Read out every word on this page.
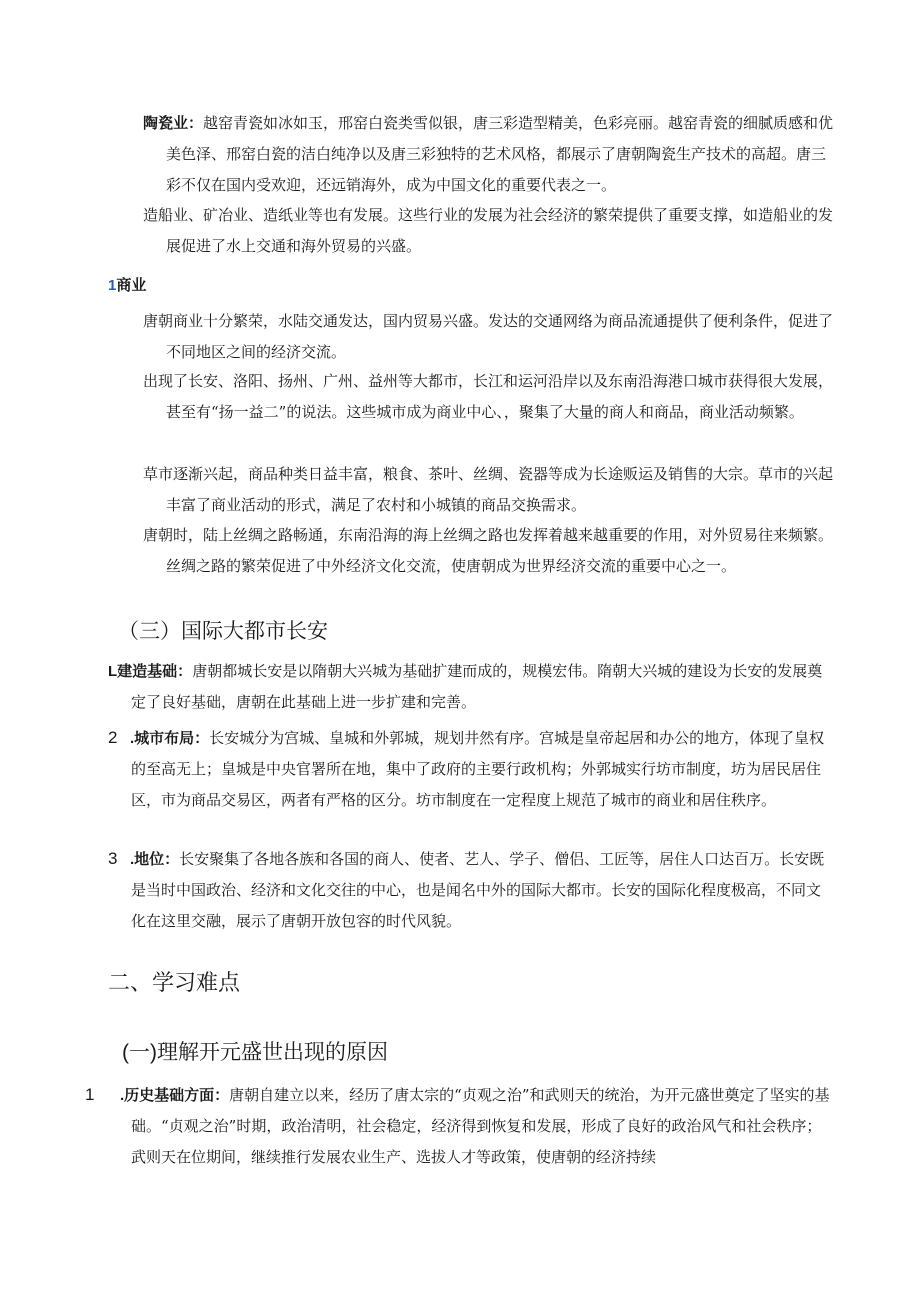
陶瓷业：越窑青瓷如冰如玉，邢窑白瓷类雪似银，唐三彩造型精美，色彩亮丽。越窑青瓷的细腻质感和优美色泽、邢窑白瓷的洁白纯净以及唐三彩独特的艺术风格，都展示了唐朝陶瓷生产技术的高超。唐三彩不仅在国内受欢迎，还远销海外，成为中国文化的重要代表之一。
造船业、矿冶业、造纸业等也有发展。这些行业的发展为社会经济的繁荣提供了重要支撑，如造船业的发展促进了水上交通和海外贸易的兴盛。
1商业
唐朝商业十分繁荣，水陆交通发达，国内贸易兴盛。发达的交通网络为商品流通提供了便利条件，促进了不同地区之间的经济交流。
出现了长安、洛阳、扬州、广州、益州等大都市，长江和运河沿岸以及东南沿海港口城市获得很大发展，甚至有“扬一益二”的说法。这些城市成为商业中心、，聚集了大量的商人和商品，商业活动频繁。
草市逐渐兴起，商品种类日益丰富，粮食、茶叶、丝绸、瓷器等成为长途贩运及销售的大宗。草市的兴起丰富了商业活动的形式，满足了农村和小城镇的商品交换需求。
唐朝时，陆上丝绸之路畅通，东南沿海的海上丝绸之路也发挥着越来越重要的作用，对外贸易往来频繁。丝绸之路的繁荣促进了中外经济文化交流，使唐朝成为世界经济交流的重要中心之一。
（三）国际大都市长安
L建造基础：唐朝都城长安是以隋朝大兴城为基础扩建而成的，规模宏伟。隋朝大兴城的建设为长安的发展奠定了良好基础，唐朝在此基础上进一步扩建和完善。
2 .城市布局：长安城分为宫城、皇城和外郭城，规划井然有序。宫城是皇帝起居和办公的地方，体现了皇权的至高无上；皇城是中央官署所在地，集中了政府的主要行政机构；外郭城实行坊市制度，坊为居民居住区，市为商品交易区，两者有严格的区分。坊市制度在一定程度上规范了城市的商业和居住秩序。
3 .地位：长安聚集了各地各族和各国的商人、使者、艺人、学子、僧侣、工匠等，居住人口达百万。长安既是当时中国政治、经济和文化交往的中心，也是闻名中外的国际大都市。长安的国际化程度极高，不同文化在这里交融，展示了唐朝开放包容的时代风貌。
二、学习难点
(一)理解开元盛世出现的原因
1 .历史基础方面：唐朝自建立以来，经历了唐太宗的“贞观之治”和武则天的统治，为开元盛世奠定了坚实的基础。“贞观之治”时期，政治清明，社会稳定，经济得到恢复和发展，形成了良好的政治风气和社会秩序；武则天在位期间，继续推行发展农业生产、选拔人才等政策，使唐朝的经济持续
